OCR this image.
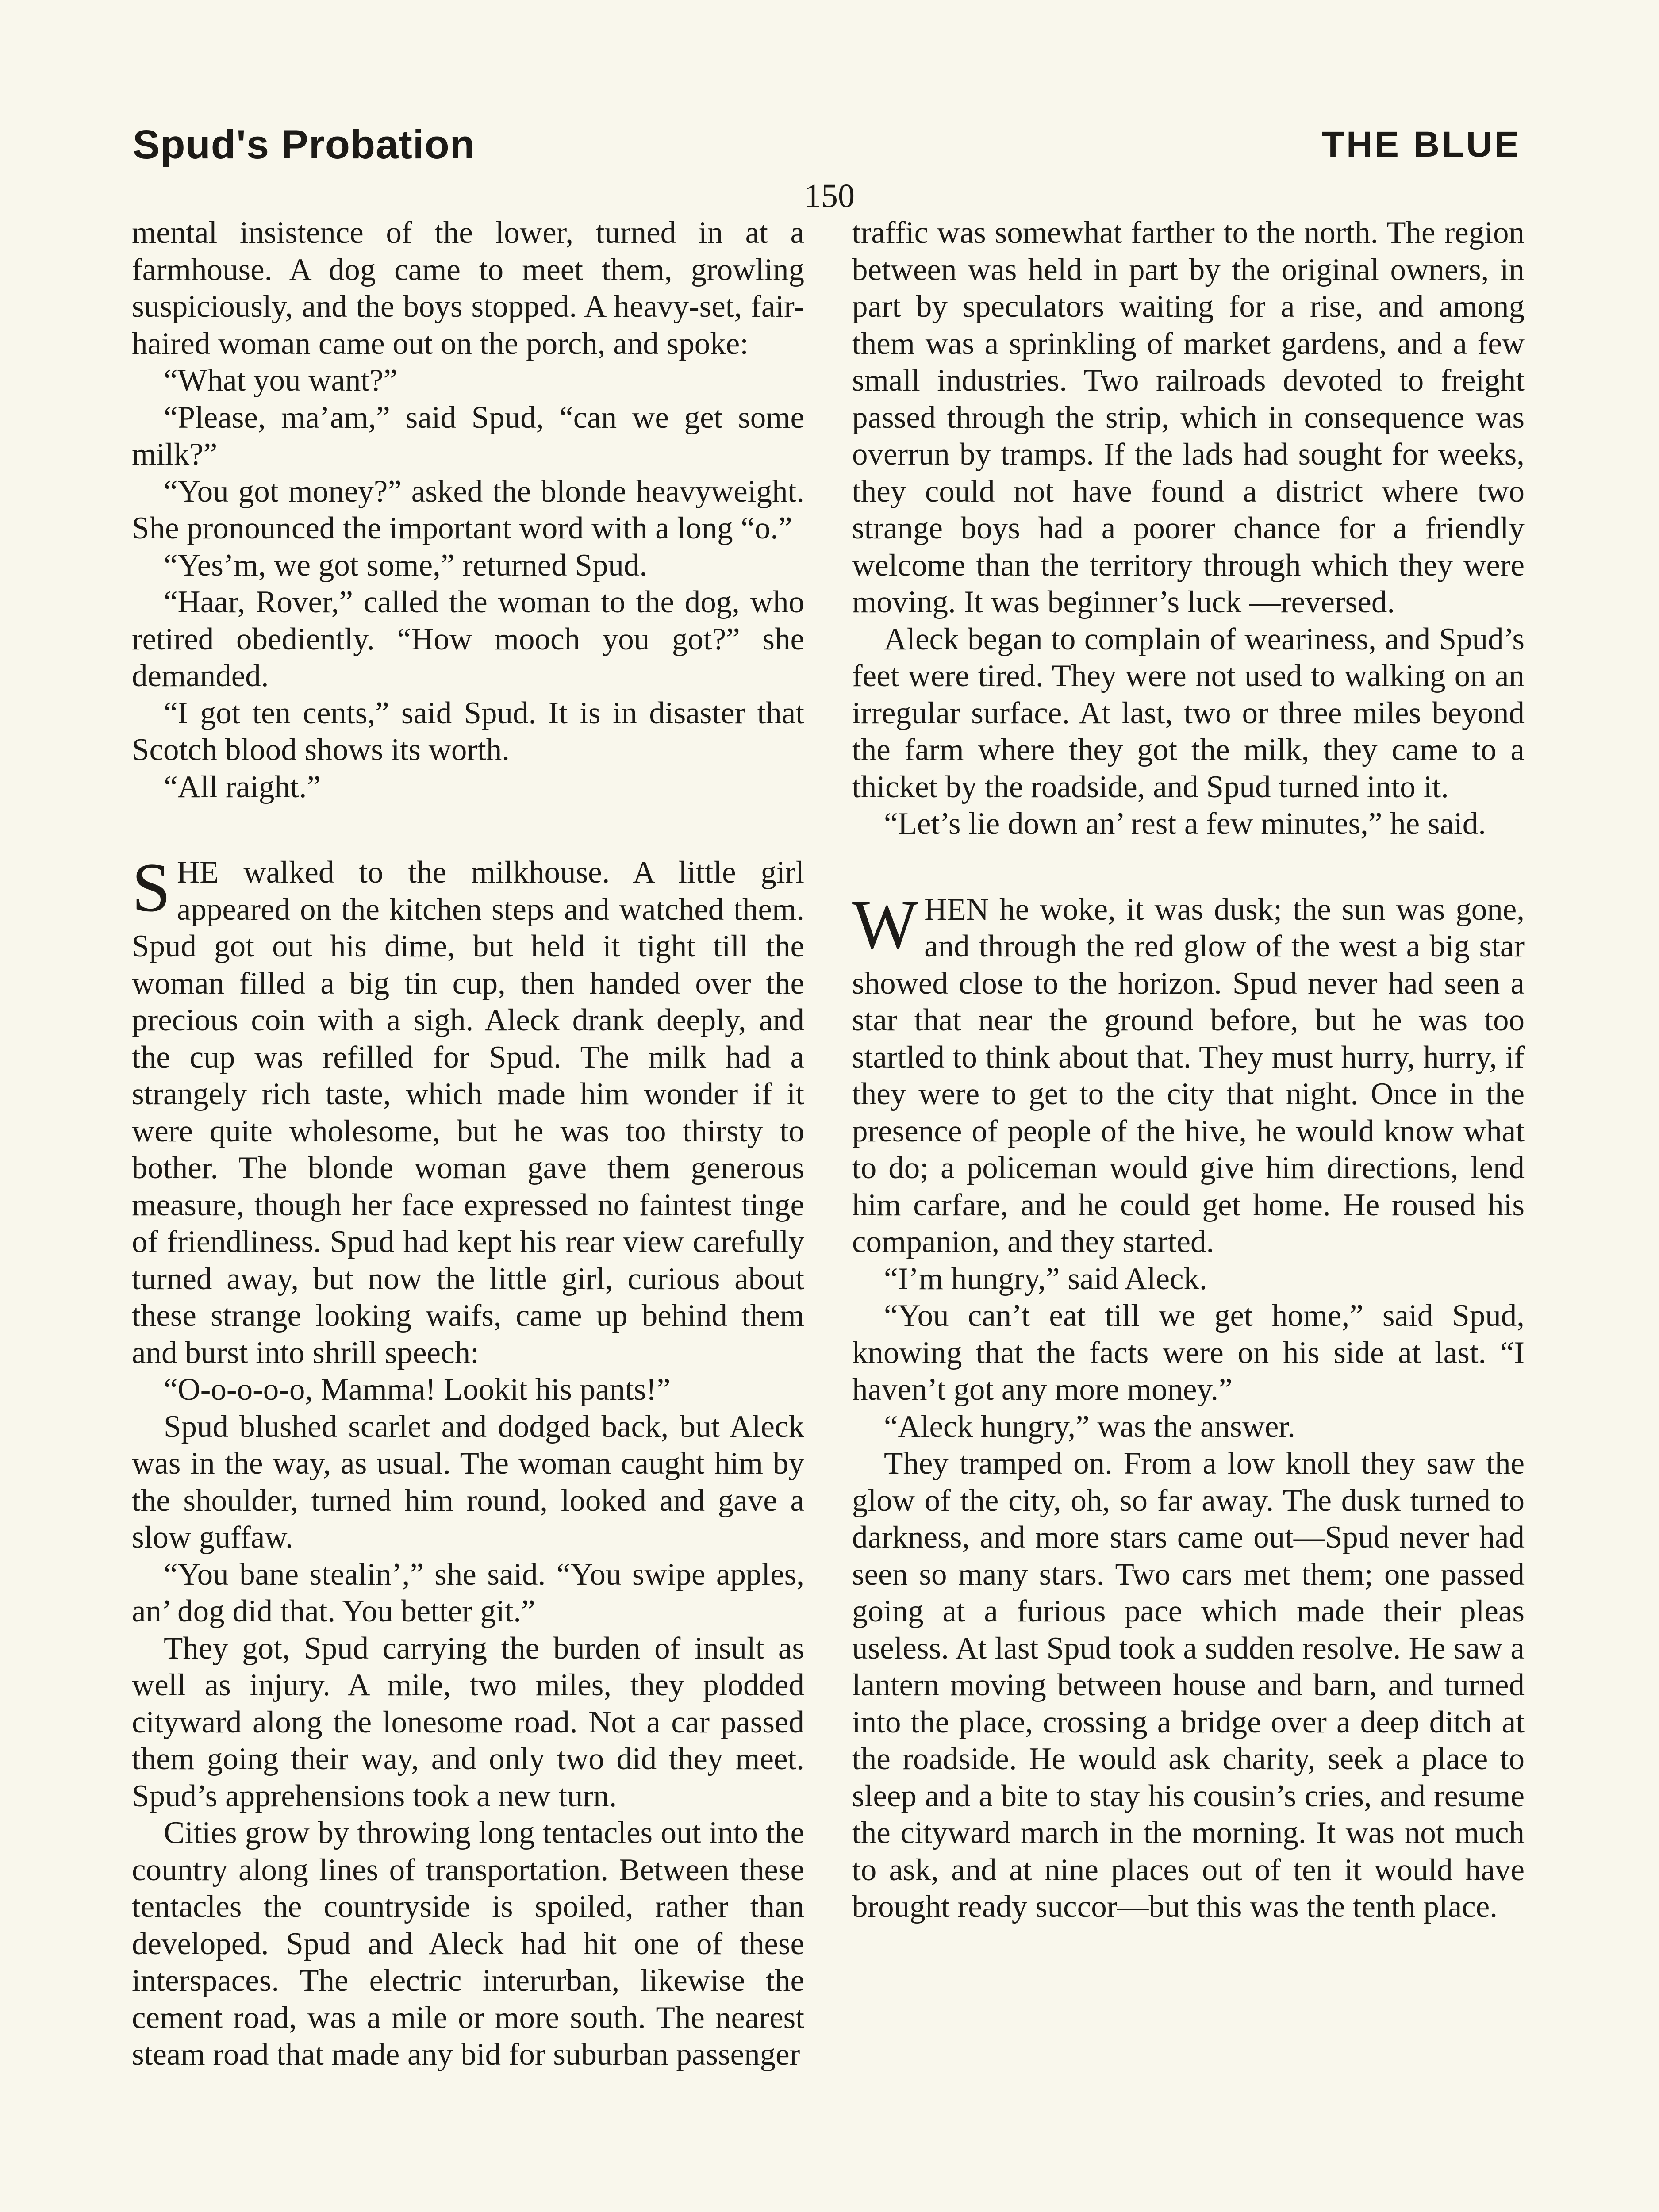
Spud's Probation	THE BLUE
150

mental insistence of the lower, turned in at a farmhouse. A dog came to meet them, growling suspiciously, and the boys stopped. A heavy-set, fair-haired woman came out on the porch, and spoke:

“What you want?”

“Please, ma’am,” said Spud, “can we get some milk?”

“You got money?” asked the blonde heavyweight. She pronounced the important word with a long “o.”

“Yes’m, we got some,” returned Spud.

“Haar, Rover,” called the woman to the dog, who retired obediently. “How mooch you got?” she demanded.

“I got ten cents,” said Spud. It is in disaster that Scotch blood shows its worth.

“All raight.”

SHE walked to the milkhouse. A little girl appeared on the kitchen steps and watched them. Spud got out his dime, but held it tight till the woman filled a big tin cup, then handed over the precious coin with a sigh. Aleck drank deeply, and the cup was refilled for Spud. The milk had a strangely rich taste, which made him wonder if it were quite wholesome, but he was too thirsty to bother. The blonde woman gave them generous measure, though her face expressed no faintest tinge of friendliness. Spud had kept his rear view carefully turned away, but now the little girl, curious about these strange looking waifs, came up behind them and burst into shrill speech:

“O-o-o-o-o, Mamma! Lookit his pants!”

Spud blushed scarlet and dodged back, but Aleck was in the way, as usual. The woman caught him by the shoulder, turned him round, looked and gave a slow guffaw.

“You bane stealin’,” she said. “You swipe apples, an’ dog did that. You better git.”

They got, Spud carrying the burden of insult as well as injury. A mile, two miles, they plodded cityward along the lonesome road. Not a car passed them going their way, and only two did they meet. Spud’s apprehensions took a new turn.

Cities grow by throwing long tentacles out into the country along lines of transportation. Between these tentacles the countryside is spoiled, rather than developed. Spud and Aleck had hit one of these interspaces. The electric interurban, likewise the cement road, was a mile or more south. The nearest steam road that made any bid for suburban passenger

traffic was somewhat farther to the north. The region between was held in part by the original owners, in part by speculators waiting for a rise, and among them was a sprinkling of market gardens, and a few small industries. Two railroads devoted to freight passed through the strip, which in consequence was overrun by tramps. If the lads had sought for weeks, they could not have found a district where two strange boys had a poorer chance for a friendly welcome than the territory through which they were moving. It was beginner’s luck —reversed.

Aleck began to complain of weariness, and Spud’s feet were tired. They were not used to walking on an irregular surface. At last, two or three miles beyond the farm where they got the milk, they came to a thicket by the roadside, and Spud turned into it.

“Let’s lie down an’ rest a few minutes,” he said.

WHEN he woke, it was dusk; the sun was gone, and through the red glow of the west a big star showed close to the horizon. Spud never had seen a star that near the ground before, but he was too startled to think about that. They must hurry, hurry, if they were to get to the city that night. Once in the presence of people of the hive, he would know what to do; a policeman would give him directions, lend him carfare, and he could get home. He roused his companion, and they started.

“I’m hungry,” said Aleck.

“You can’t eat till we get home,” said Spud, knowing that the facts were on his side at last. “I haven’t got any more money.”

“Aleck hungry,” was the answer.

They tramped on. From a low knoll they saw the glow of the city, oh, so far away. The dusk turned to darkness, and more stars came out—Spud never had seen so many stars. Two cars met them; one passed going at a furious pace which made their pleas useless. At last Spud took a sudden resolve. He saw a lantern moving between house and barn, and turned into the place, crossing a bridge over a deep ditch at the roadside. He would ask charity, seek a place to sleep and a bite to stay his cousin’s cries, and resume the cityward march in the morning. It was not much to ask, and at nine places out of ten it would have brought ready succor—but this was the tenth place.
